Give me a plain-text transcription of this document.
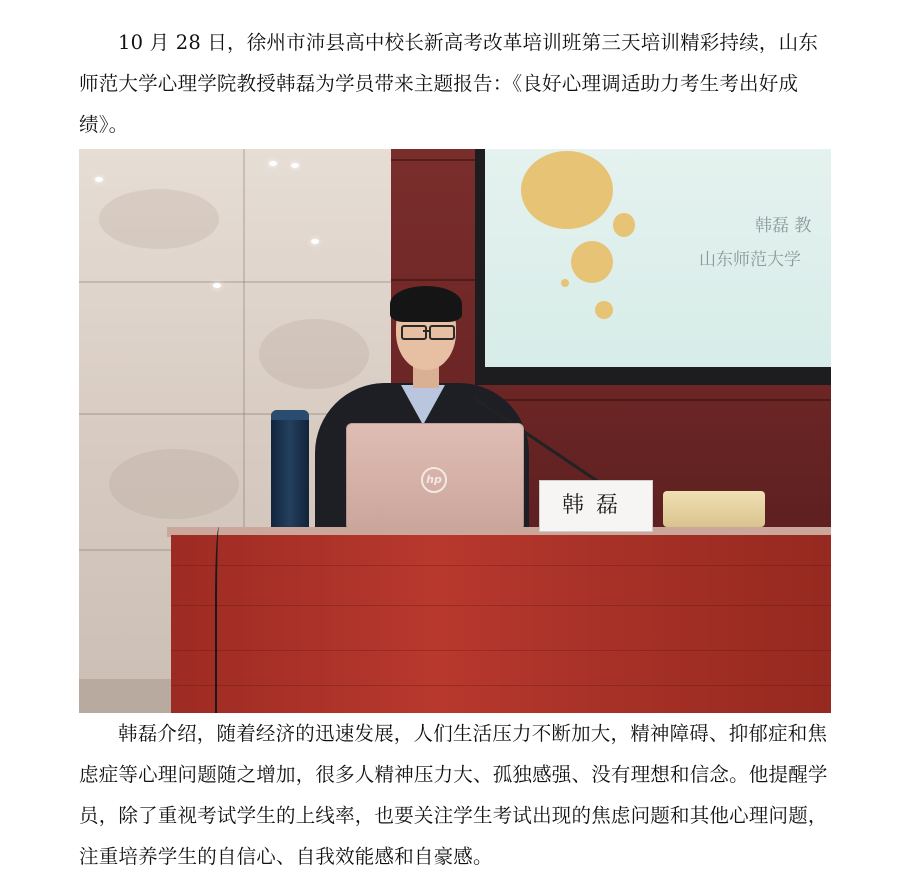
10 月 28 日，徐州市沛县高中校长新高考改革培训班第三天培训精彩持续，山东师范大学心理学院教授韩磊为学员带来主题报告：《良好心理调适助力考生考出好成绩》。

韩磊 教
山东师范大学
hp
韩磊

韩磊介绍，随着经济的迅速发展，人们生活压力不断加大，精神障碍、抑郁症和焦虑症等心理问题随之增加，很多人精神压力大、孤独感强、没有理想和信念。他提醒学员，除了重视考试学生的上线率，也要关注学生考试出现的焦虑问题和其他心理问题，注重培养学生的自信心、自我效能感和自豪感。
